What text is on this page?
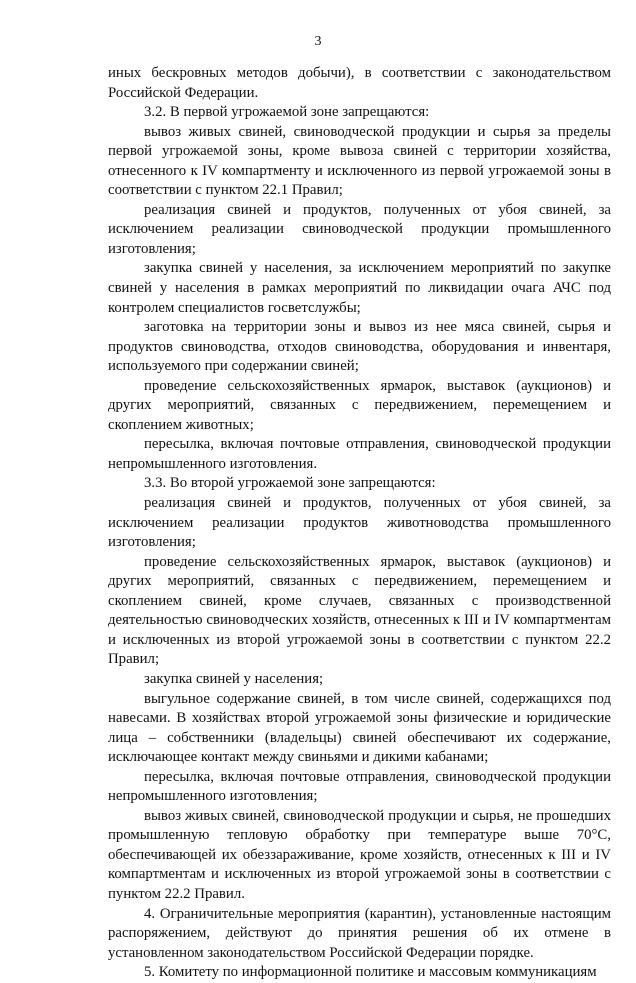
3

иных бескровных методов добычи), в соответствии с законодательством Российской Федерации.

3.2. В первой угрожаемой зоне запрещаются:

вывоз живых свиней, свиноводческой продукции и сырья за пределы первой угрожаемой зоны, кроме вывоза свиней с территории хозяйства, отнесенного к IV компартменту и исключенного из первой угрожаемой зоны в соответствии с пунктом 22.1 Правил;

реализация свиней и продуктов, полученных от убоя свиней, за исключением реализации свиноводческой продукции промышленного изготовления;

закупка свиней у населения, за исключением мероприятий по закупке свиней у населения в рамках мероприятий по ликвидации очага АЧС под контролем специалистов госветслужбы;

заготовка на территории зоны и вывоз из нее мяса свиней, сырья и продуктов свиноводства, отходов свиноводства, оборудования и инвентаря, используемого при содержании свиней;

проведение сельскохозяйственных ярмарок, выставок (аукционов) и других мероприятий, связанных с передвижением, перемещением и скоплением животных;

пересылка, включая почтовые отправления, свиноводческой продукции непромышленного изготовления.

3.3. Во второй угрожаемой зоне запрещаются:

реализация свиней и продуктов, полученных от убоя свиней, за исключением реализации продуктов животноводства промышленного изготовления;

проведение сельскохозяйственных ярмарок, выставок (аукционов) и других мероприятий, связанных с передвижением, перемещением и скоплением свиней, кроме случаев, связанных с производственной деятельностью свиноводческих хозяйств, отнесенных к III и IV компартментам и исключенных из второй угрожаемой зоны в соответствии с пунктом 22.2 Правил;

закупка свиней у населения;

выгульное содержание свиней, в том числе свиней, содержащихся под навесами. В хозяйствах второй угрожаемой зоны физические и юридические лица – собственники (владельцы) свиней обеспечивают их содержание, исключающее контакт между свиньями и дикими кабанами;

пересылка, включая почтовые отправления, свиноводческой продукции непромышленного изготовления;

вывоз живых свиней, свиноводческой продукции и сырья, не прошедших промышленную тепловую обработку при температуре выше 70°С, обеспечивающей их обеззараживание, кроме хозяйств, отнесенных к III и IV компартментам и исключенных из второй угрожаемой зоны в соответствии с пунктом 22.2 Правил.

4. Ограничительные мероприятия (карантин), установленные настоящим распоряжением, действуют до принятия решения об их отмене в установленном законодательством Российской Федерации порядке.

5. Комитету по информационной политике и массовым коммуникациям
